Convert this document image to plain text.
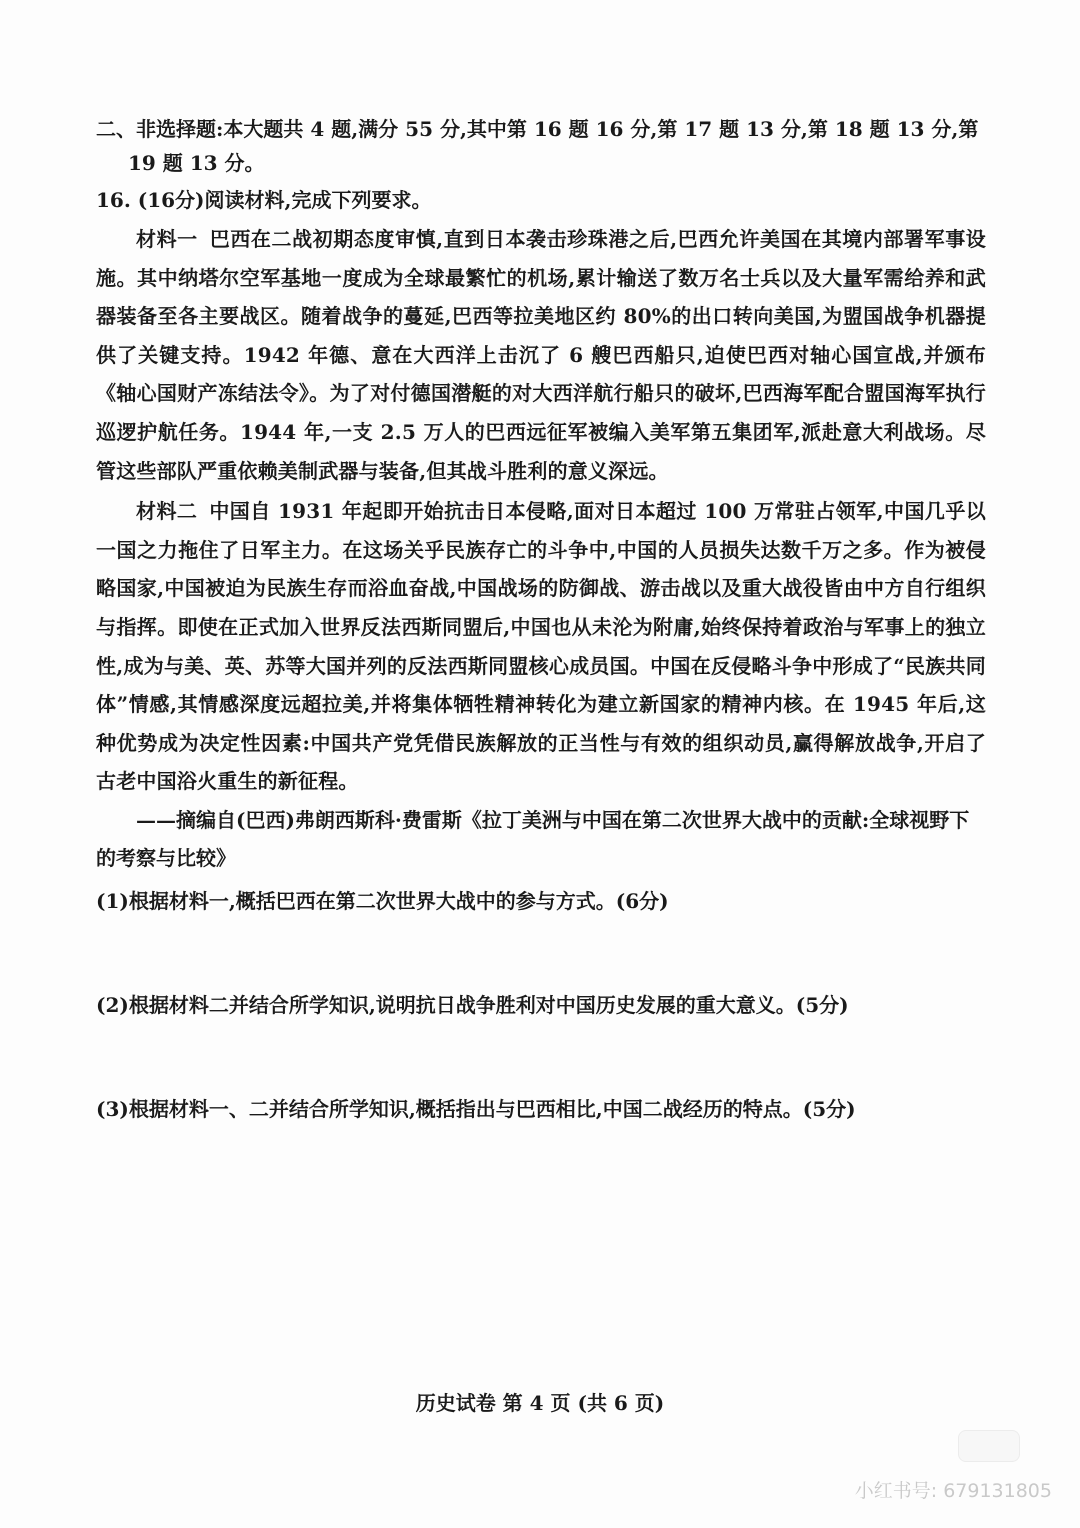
二、非选择题:本大题共 4 题,满分 55 分,其中第 16 题 16 分,第 17 题 13 分,第 18 题 13 分,第 19 题 13 分。

16. (16分)阅读材料,完成下列要求。

材料一 巴西在二战初期态度审慎,直到日本袭击珍珠港之后,巴西允许美国在其境内部署军事设施。其中纳塔尔空军基地一度成为全球最繁忙的机场,累计输送了数万名士兵以及大量军需给养和武器装备至各主要战区。随着战争的蔓延,巴西等拉美地区约 80%的出口转向美国,为盟国战争机器提供了关键支持。1942 年德、意在大西洋上击沉了 6 艘巴西船只,迫使巴西对轴心国宣战,并颁布《轴心国财产冻结法令》。为了对付德国潜艇的对大西洋航行船只的破坏,巴西海军配合盟国海军执行巡逻护航任务。1944 年,一支 2.5 万人的巴西远征军被编入美军第五集团军,派赴意大利战场。尽管这些部队严重依赖美制武器与装备,但其战斗胜利的意义深远。

材料二 中国自 1931 年起即开始抗击日本侵略,面对日本超过 100 万常驻占领军,中国几乎以一国之力拖住了日军主力。在这场关乎民族存亡的斗争中,中国的人员损失达数千万之多。作为被侵略国家,中国被迫为民族生存而浴血奋战,中国战场的防御战、游击战以及重大战役皆由中方自行组织与指挥。即使在正式加入世界反法西斯同盟后,中国也从未沦为附庸,始终保持着政治与军事上的独立性,成为与美、英、苏等大国并列的反法西斯同盟核心成员国。中国在反侵略斗争中形成了“民族共同体”情感,其情感深度远超拉美,并将集体牺牲精神转化为建立新国家的精神内核。在 1945 年后,这种优势成为决定性因素:中国共产党凭借民族解放的正当性与有效的组织动员,赢得解放战争,开启了古老中国浴火重生的新征程。

——摘编自(巴西)弗朗西斯科·费雷斯《拉丁美洲与中国在第二次世界大战中的贡献:全球视野下的考察与比较》

(1)根据材料一,概括巴西在第二次世界大战中的参与方式。(6分)

(2)根据材料二并结合所学知识,说明抗日战争胜利对中国历史发展的重大意义。(5分)

(3)根据材料一、二并结合所学知识,概括指出与巴西相比,中国二战经历的特点。(5分)

历史试卷 第 4 页 (共 6 页)
小红书号: 679131805
